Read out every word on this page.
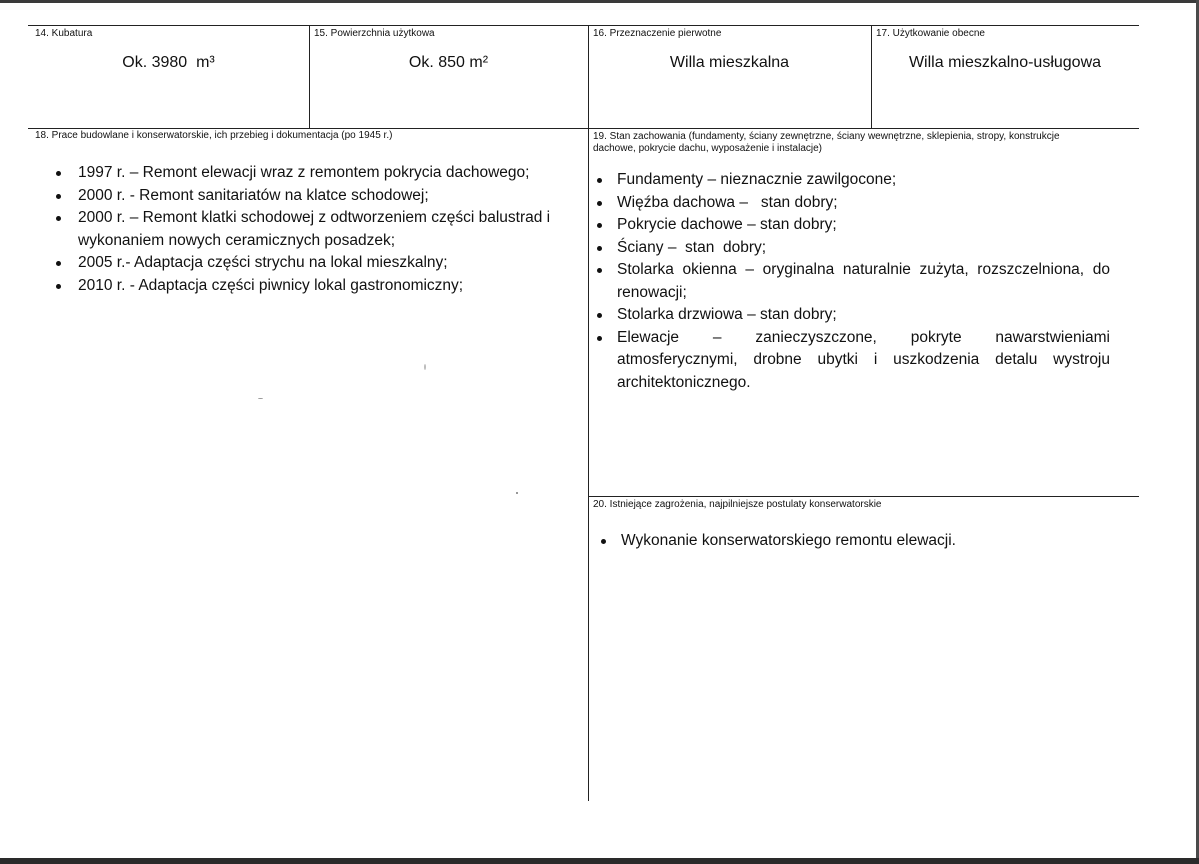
14. Kubatura
Ok. 3980  m³
15. Powierzchnia użytkowa
Ok. 850 m²
16. Przeznaczenie pierwotne
Willa mieszkalna
17. Użytkowanie obecne
Willa mieszkalno-usługowa
18. Prace budowlane i konserwatorskie, ich przebieg i dokumentacja (po 1945 r.)
1997 r. – Remont elewacji wraz z remontem pokrycia dachowego;
2000 r. - Remont sanitariatów na klatce schodowej;
2000 r. – Remont klatki schodowej z odtworzeniem części balustrad i wykonaniem nowych ceramicznych posadzek;
2005 r.- Adaptacja części strychu na lokal mieszkalny;
2010 r. - Adaptacja części piwnicy lokal gastronomiczny;
19. Stan zachowania (fundamenty, ściany zewnętrzne, ściany wewnętrzne, sklepienia, stropy, konstrukcje dachowe, pokrycie dachu, wyposażenie i instalacje)
Fundamenty – nieznacznie zawilgocone;
Więźba dachowa –   stan dobry;
Pokrycie dachowe – stan dobry;
Ściany –  stan  dobry;
Stolarka okienna – oryginalna naturalnie zużyta, rozszczelniona, do renowacji;
Stolarka drzwiowa – stan dobry;
Elewacje – zanieczyszczone, pokryte nawarstwieniami atmosferycznymi, drobne ubytki i uszkodzenia detalu wystroju architektonicznego.
20. Istniejące zagrożenia, najpilniejsze postulaty konserwatorskie
Wykonanie konserwatorskiego remontu elewacji.
